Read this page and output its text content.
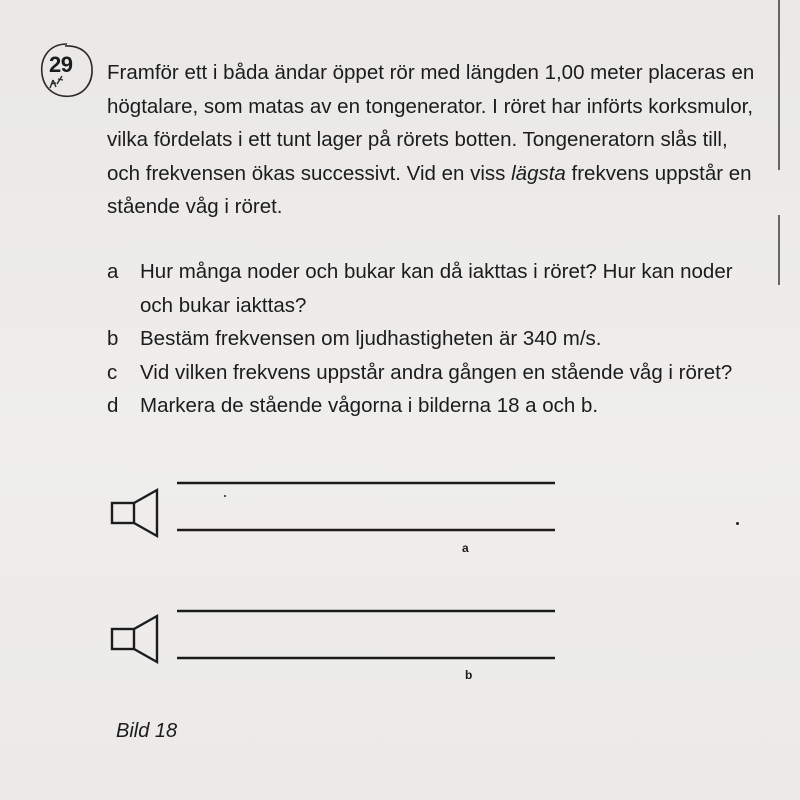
29 Framför ett i båda ändar öppet rör med längden 1,00 meter placeras en högtalare, som matas av en tongenerator. I röret har införts korksmulor, vilka fördelats i ett tunt lager på rörets botten. Tongeneratorn slås till, och frekvensen ökas successivt. Vid en viss lägsta frekvens uppstår en stående våg i röret.

a	Hur många noder och bukar kan då iakttas i röret? Hur kan noder och bukar iakttas?
b	Bestäm frekvensen om ljudhastigheten är 340 m/s.
c	Vid vilken frekvens uppstår andra gången en stående våg i röret?
d	Markera de stående vågorna i bilderna 18 a och b.
a
b
Bild 18
